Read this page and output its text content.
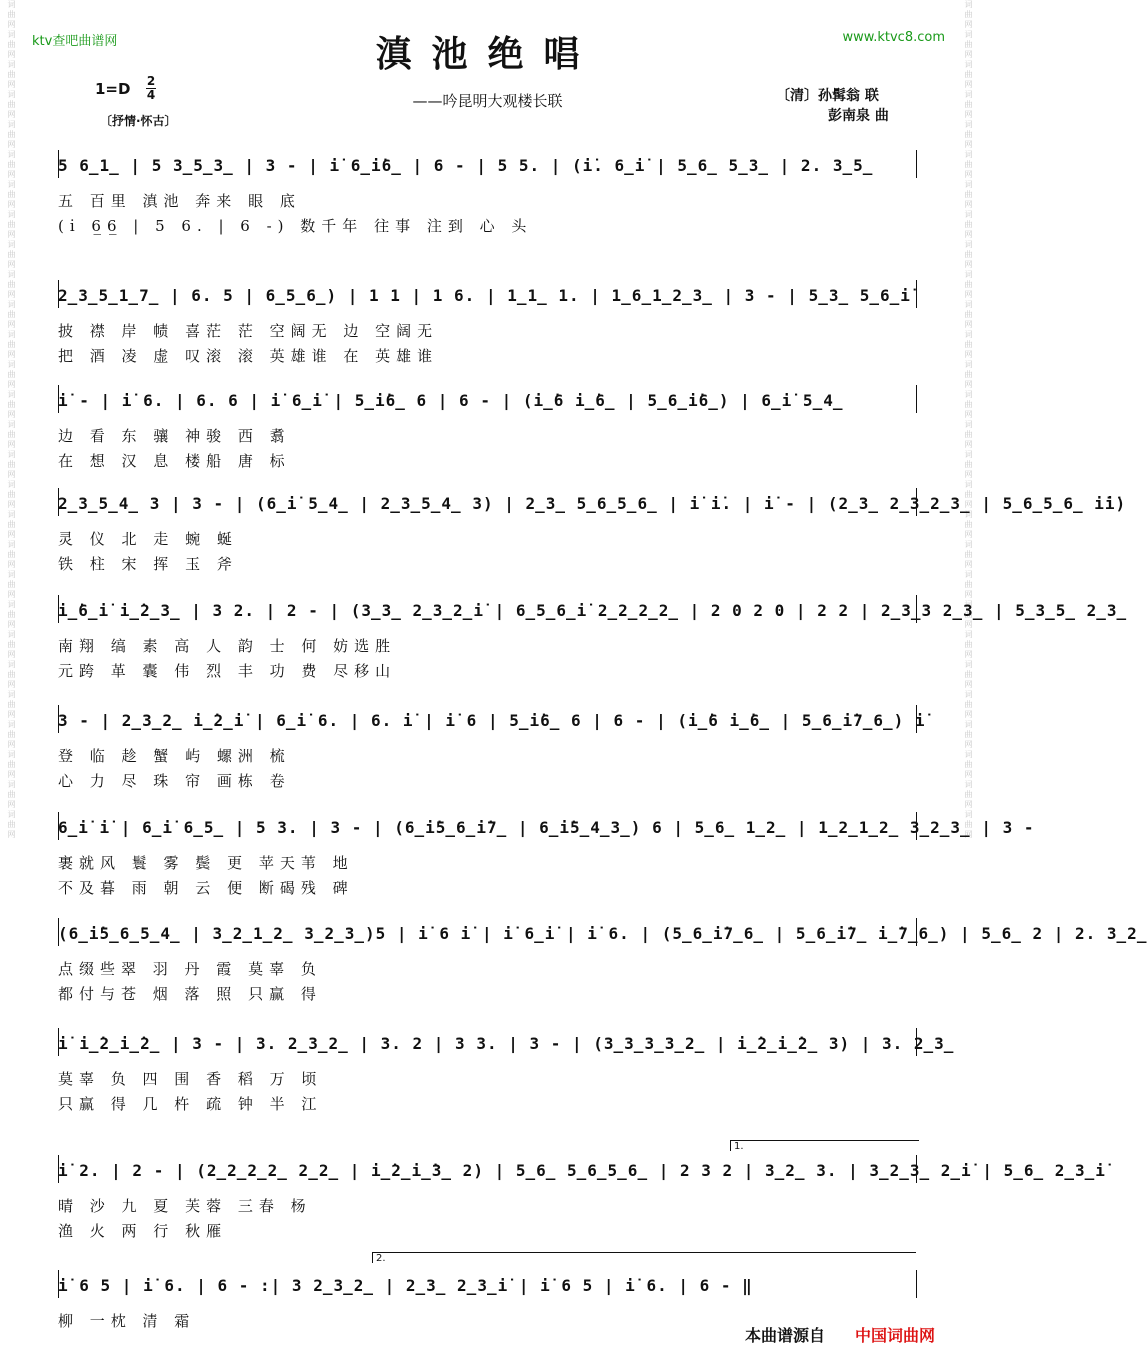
词曲网词曲网词曲网词曲网词曲网词曲网词曲网词曲网词曲网词曲网词曲网词曲网词曲网词曲网词曲网词曲网词曲网词曲网词曲网词曲网词曲网词曲网词曲网词曲网词曲网词曲网词曲网词曲网	词曲网词曲网词曲网词曲网词曲网词曲网词曲网词曲网词曲网词曲网词曲网词曲网词曲网词曲网词曲网词曲网词曲网词曲网词曲网词曲网词曲网词曲网词曲网词曲网词曲网词曲网词曲网词曲网
ktv查吧曲谱网	www.ktvc8.com
滇池绝唱
1=D 2
4
〔抒情·怀古〕
——吟昆明大观楼长联	〔清〕孙髯翁 联
彭南泉 曲
5 6̲1̲ | 5 3̲5̲3̲ | 3 - | i̇ 6̲i̇6̲ | 6 - | 5 5. | (i̇. 6̲i̇ | 5̲6̲ 5̲3̲ | 2. 3̲5̲
五 百里 滇池 奔来 眼 底
(i̇ 6̲6̲ | 5 6. | 6 -) 数千年 往事 注到 心 头
2̲3̲5̲1̲7̲ | 6. 5 | 6̲5̲6̲) | 1 1 | 1 6. | 1̲1̲ 1. | 1̲6̲1̲2̲3̲ | 3 - | 5̲3̲ 5̲6̲i̇
披 襟 岸 帻 喜茫 茫 空阔无 边 空阔无
把 酒 凌 虚 叹滚 滚 英雄谁 在 英雄谁
i̇ - | i̇ 6. | 6. 6 | i̇ 6̲i̇ | 5̲i̇6̲ 6 | 6 - | (i̲̇6 i̲̇6̲ | 5̲6̲i̇6̲) | 6̲i̇ 5̲4̲
边 看 东 骧 神骏 西 翥
在 想 汉 息 楼船 唐 标
2̲3̲5̲4̲ 3 | 3 - | (6̲i̇ 5̲4̲ | 2̲3̲5̲4̲ 3) | 2̲3̲ 5̲6̲5̲6̲ | i̇ i̇. | i̇ - | (2̲3̲ 2̲3̲2̲3̲ | 5̲6̲5̲6̲ i̇i̇)
灵 仪 北 走 蜿 蜒
铁 柱 宋 挥 玉 斧
i̲̇6̲i̇ i̲̇2̲3̲ | 3 2. | 2 - | (3̲3̲ 2̲3̲2̲i̇ | 6̲5̲6̲i̇ 2̲2̲2̲2̲ | 2 0 2 0 | 2 2 | 2̲3̲3 2̲3̲ | 5̲3̲5̲ 2̲3̲
南翔 缟 素 高 人 韵 士 何 妨选胜
元跨 革 囊 伟 烈 丰 功 费 尽移山
3 - | 2̲3̲2̲ i̲̇2̲i̇ | 6̲i̇ 6. | 6. i̇ | i̇ 6 | 5̲i̇6̲ 6 | 6 - | (i̲̇6 i̲̇6̲ | 5̲6̲i̇7̲6̲) i̇
登 临 趁 蟹 屿 螺洲 梳
心 力 尽 珠 帘 画栋 卷
6̲i̇ i̇ | 6̲i̇ 6̲5̲ | 5 3. | 3 - | (6̲i̇5̲6̲i̇7̲ | 6̲i̇5̲4̲3̲) 6 | 5̲6̲ 1̲2̲ | 1̲2̲1̲2̲ 3̲2̲3̲ | 3 -
裹就风 鬟 雾 鬓 更 苹天苇 地
不及暮 雨 朝 云 便 断碣残 碑
(6̲i̇5̲6̲5̲4̲ | 3̲2̲1̲2̲ 3̲2̲3̲)5 | i̇ 6 i̇ | i̇ 6̲i̇ | i̇ 6. | (5̲6̲i̇7̲6̲ | 5̲6̲i̇7̲ i̲̇7̲6̲) | 5̲6̲ 2 | 2. 3̲2̲
点缀些翠 羽 丹 霞 莫辜 负
都付与苍 烟 落 照 只赢 得
i̇ i̲̇2̲i̲̇2̲ | 3 - | 3. 2̲3̲2̲ | 3. 2 | 3 3. | 3 - | (3̲3̲3̲3̲2̲ | i̲̇2̲i̲̇2̲ 3) | 3. 2̲3̲
莫辜 负 四 围 香 稻 万 顷
只赢 得 几 杵 疏 钟 半 江
i̇ 2. | 2 - | (2̲2̲2̲2̲ 2̲2̲ | i̲̇2̲i̲̇3̲ 2) | 5̲6̲ 5̲6̲5̲6̲ | 2 3 2 | 3̲2̲ 3. | 3̲2̲3̲ 2̲i̇ | 5̲6̲ 2̲3̲i̇
晴 沙 九 夏 芙蓉 三春 杨
渔 火 两 行 秋雁
i̇ 6 5 | i̇ 6. | 6 - :| 3 2̲3̲2̲ | 2̲3̲ 2̲3̲i̇ | i̇ 6 5 | i̇ 6. | 6 - ‖
柳 一枕 清 霜
1.
2.
本曲谱源自 中国词曲网
